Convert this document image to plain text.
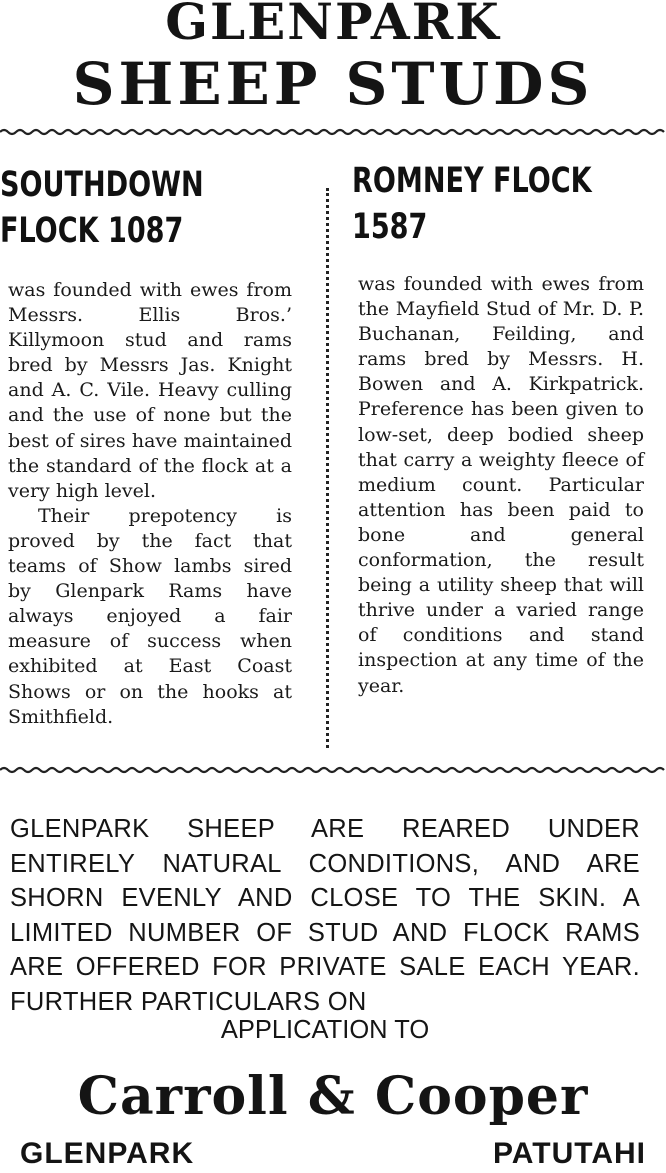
GLENPARK
SHEEP STUDS
SOUTHDOWN
FLOCK 1087
ROMNEY FLOCK
1587

was founded with ewes from Messrs. Ellis Bros.’ Killymoon stud and rams bred by Messrs Jas. Knight and A. C. Vile. Heavy culling and the use of none but the best of sires have maintained the standard of the flock at a very high level.

Their prepotency is proved by the fact that teams of Show lambs sired by Glenpark Rams have always enjoyed a fair measure of success when exhibited at East Coast Shows or on the hooks at Smithfield.

was founded with ewes from the Mayfield Stud of Mr. D. P. Buchanan, Feilding, and rams bred by Messrs. H. Bowen and A. Kirkpatrick. Preference has been given to low-set, deep bodied sheep that carry a weighty fleece of medium count. Particular attention has been paid to bone and general conformation, the result being a utility sheep that will thrive under a varied range of conditions and stand inspection at any time of the year.

GLENPARK SHEEP ARE REARED UNDER ENTIRELY NATURAL CONDITIONS, AND ARE SHORN EVENLY AND CLOSE TO THE SKIN. A LIMITED NUMBER OF STUD AND FLOCK RAMS ARE OFFERED FOR PRIVATE SALE EACH YEAR. FURTHER PARTICULARS ON
APPLICATION TO
Carroll & Cooper
GLENPARK	PATUTAHI
